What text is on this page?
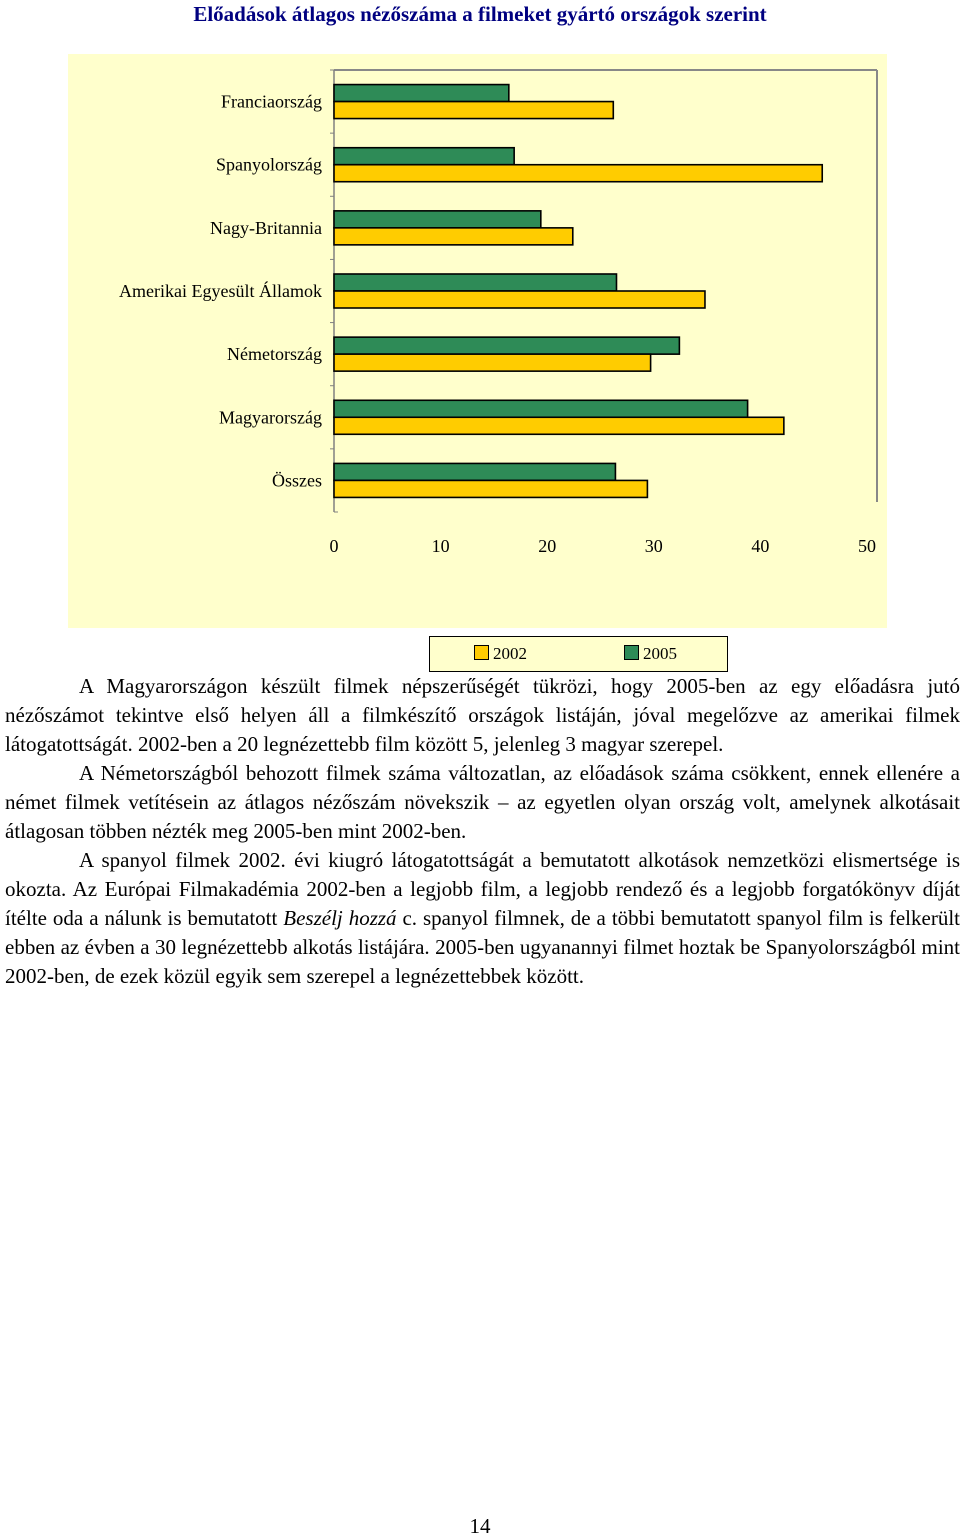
Előadások átlagos nézőszáma a filmeket gyártó országok szerint
Franciaország
Spanyolország
Nagy-Britannia
Amerikai Egyesült Államok
Németország
Magyarország
Összes
0	10	20	30	40	50
2002	2005

A Magyarországon készült filmek népszerűségét tükrözi, hogy 2005-ben az egy előadásra jutó nézőszámot tekintve első helyen áll a filmkészítő országok listáján, jóval megelőzve az amerikai filmek látogatottságát. 2002-ben a 20 legnézettebb film között 5, jelenleg 3 magyar szerepel.

A Németországból behozott filmek száma változatlan, az előadások száma csökkent, ennek ellenére a német filmek vetítésein az átlagos nézőszám növekszik – az egyetlen olyan ország volt, amelynek alkotásait átlagosan többen nézték meg 2005-ben mint 2002-ben.

A spanyol filmek 2002. évi kiugró látogatottságát a bemutatott alkotások nemzetközi elismertsége is okozta. Az Európai Filmakadémia 2002-ben a legjobb film, a legjobb rendező és a legjobb forgatókönyv díját ítélte oda a nálunk is bemutatott Beszélj hozzá c. spanyol filmnek, de a többi bemutatott spanyol film is felkerült ebben az évben a 30 legnézettebb alkotás listájára. 2005-ben ugyanannyi filmet hoztak be Spanyolországból mint 2002-ben, de ezek közül egyik sem szerepel a legnézettebbek között.

14
